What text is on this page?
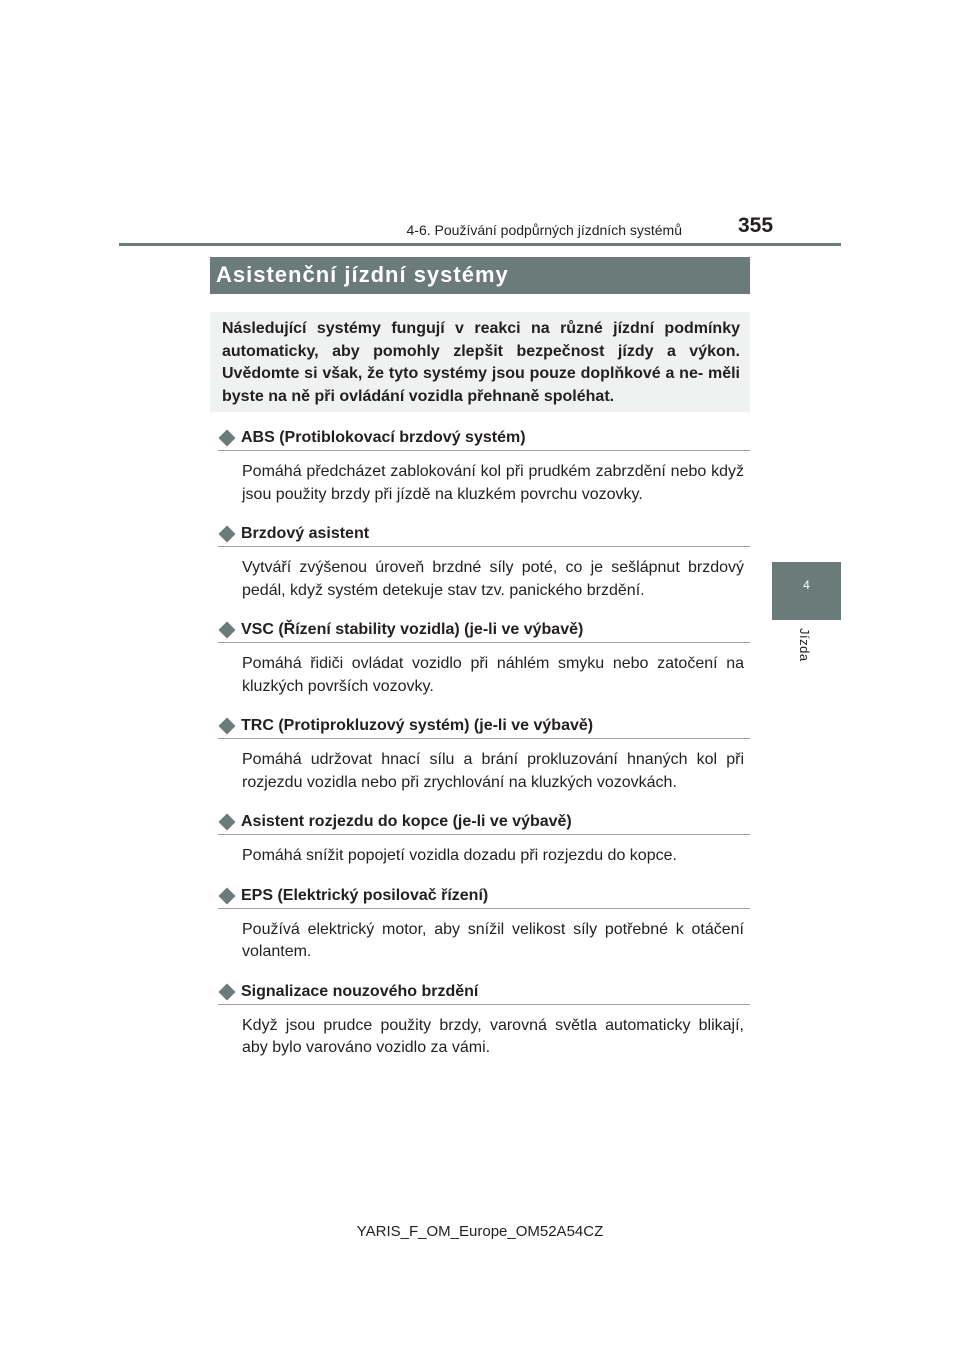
4-6. Používání podpůrných jízdních systémů	355
4
Jízda
Asistenční jízdní systémy
Následující systémy fungují v reakci na různé jízdní podmínky automaticky, aby pomohly zlepšit bezpečnost jízdy a výkon. Uvědomte si však, že tyto systémy jsou pouze doplňkové a ne- měli byste na ně při ovládání vozidla přehnaně spoléhat.
ABS (Protiblokovací brzdový systém)
Pomáhá předcházet zablokování kol při prudkém zabrzdění nebo když jsou použity brzdy při jízdě na kluzkém povrchu vozovky.
Brzdový asistent
Vytváří zvýšenou úroveň brzdné síly poté, co je sešlápnut brzdový pedál, když systém detekuje stav tzv. panického brzdění.
VSC (Řízení stability vozidla) (je-li ve výbavě)
Pomáhá řidiči ovládat vozidlo při náhlém smyku nebo zatočení na kluzkých površích vozovky.
TRC (Protiprokluzový systém) (je-li ve výbavě)
Pomáhá udržovat hnací sílu a brání prokluzování hnaných kol při rozjezdu vozidla nebo při zrychlování na kluzkých vozovkách.
Asistent rozjezdu do kopce (je-li ve výbavě)
Pomáhá snížit popojetí vozidla dozadu při rozjezdu do kopce.
EPS (Elektrický posilovač řízení)
Používá elektrický motor, aby snížil velikost síly potřebné k otáčení volantem.
Signalizace nouzového brzdění
Když jsou prudce použity brzdy, varovná světla automaticky blikají, aby bylo varováno vozidlo za vámi.
YARIS_F_OM_Europe_OM52A54CZ
